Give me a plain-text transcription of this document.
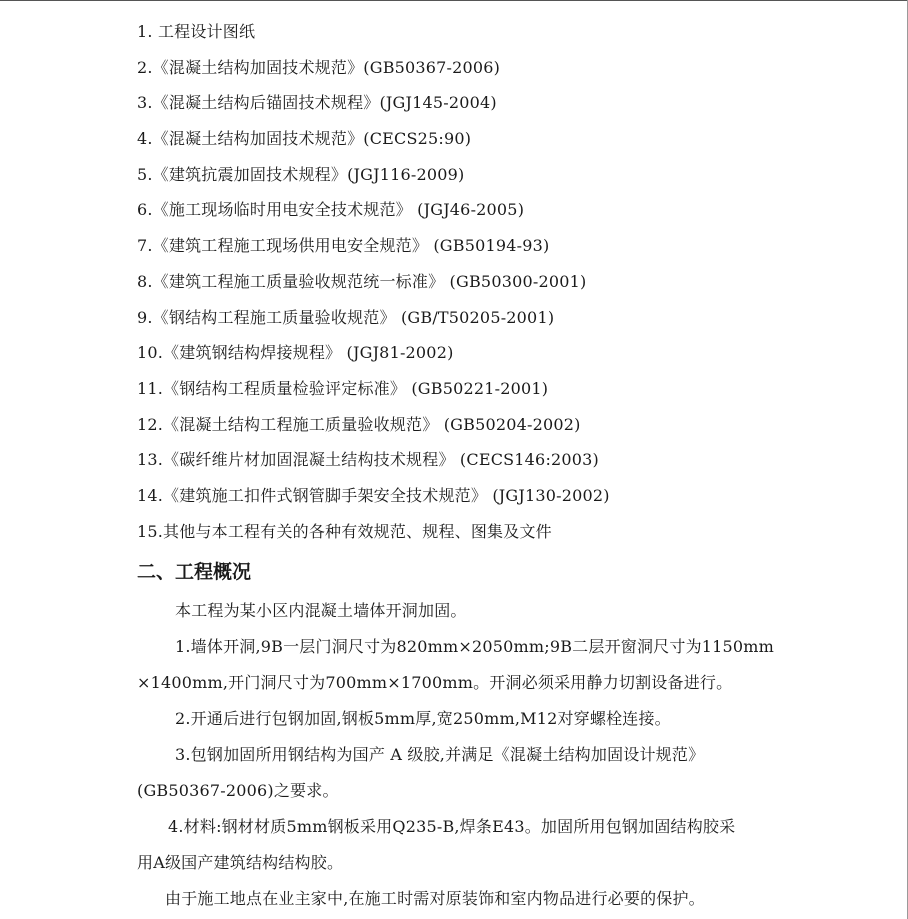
1. 工程设计图纸
2.《混凝土结构加固技术规范》(GB50367-2006)
3.《混凝土结构后锚固技术规程》(JGJ145-2004)
4.《混凝土结构加固技术规范》(CECS25:90)
5.《建筑抗震加固技术规程》(JGJ116-2009)
6.《施工现场临时用电安全技术规范》 (JGJ46-2005)
7.《建筑工程施工现场供用电安全规范》 (GB50194-93)
8.《建筑工程施工质量验收规范统一标准》 (GB50300-2001)
9.《钢结构工程施工质量验收规范》 (GB/T50205-2001)
10.《建筑钢结构焊接规程》 (JGJ81-2002)
11.《钢结构工程质量检验评定标准》 (GB50221-2001)
12.《混凝土结构工程施工质量验收规范》 (GB50204-2002)
13.《碳纤维片材加固混凝土结构技术规程》 (CECS146:2003)
14.《建筑施工扣件式钢管脚手架安全技术规范》 (JGJ130-2002)
15.其他与本工程有关的各种有效规范、规程、图集及文件
二、工程概况

本工程为某小区内混凝土墙体开洞加固。

1.墙体开洞,9B一层门洞尺寸为820mm×2050mm;9B二层开窗洞尺寸为1150mm

×1400mm,开门洞尺寸为700mm×1700mm。开洞必须采用静力切割设备进行。

2.开通后进行包钢加固,钢板5mm厚,宽250mm,M12对穿螺栓连接。

3.包钢加固所用钢结构为国产 A 级胶,并满足《混凝土结构加固设计规范》

(GB50367-2006)之要求。

4.材料:钢材材质5mm钢板采用Q235-B,焊条E43。加固所用包钢加固结构胶采

用A级国产建筑结构结构胶。

由于施工地点在业主家中,在施工时需对原装饰和室内物品进行必要的保护。
